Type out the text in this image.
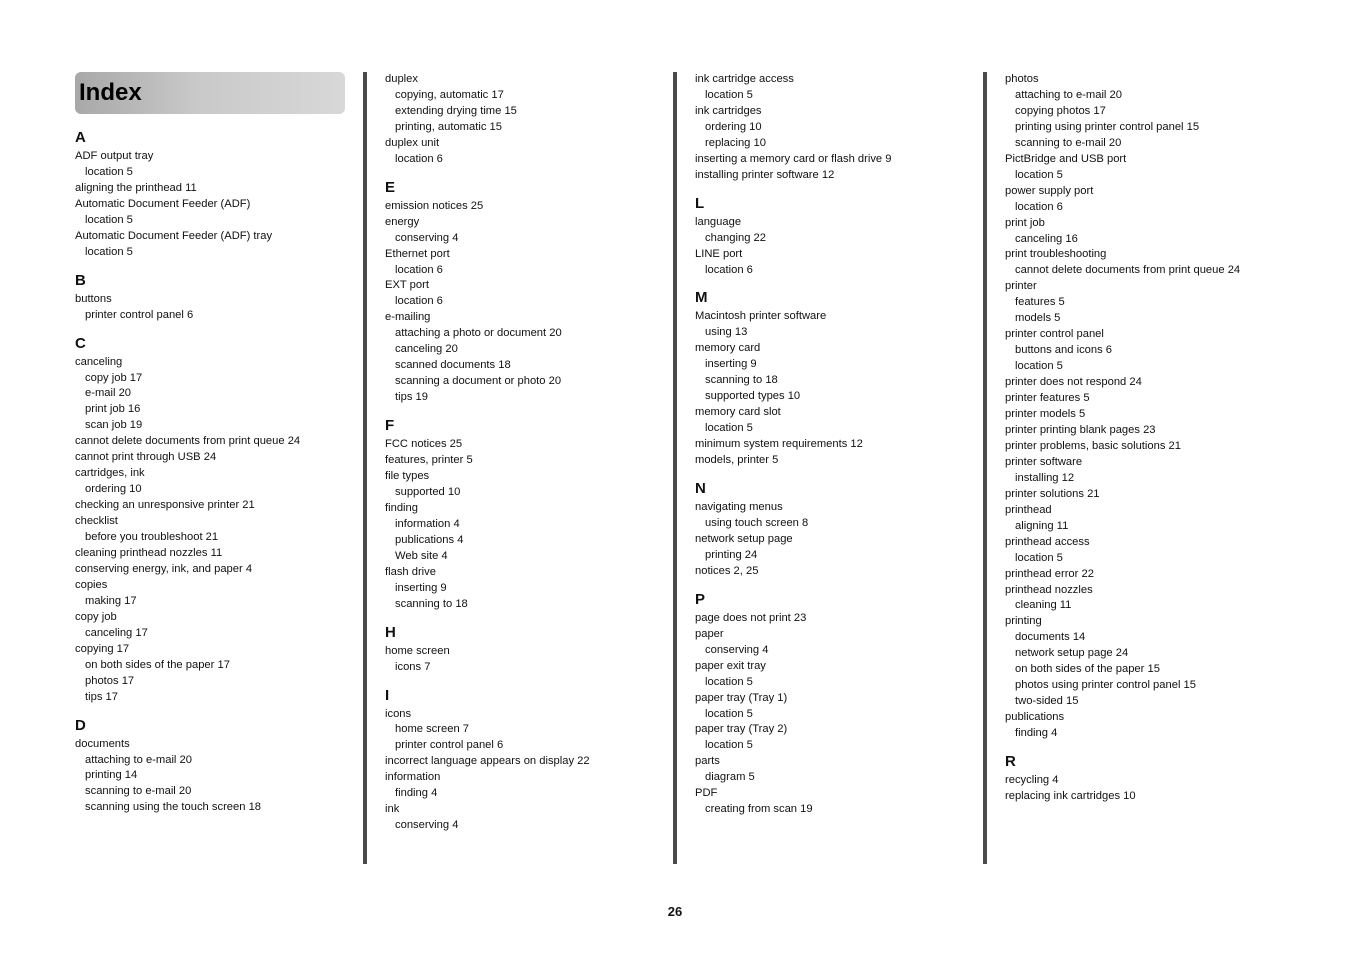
Index
A
ADF output tray
location 5
aligning the printhead 11
Automatic Document Feeder (ADF)
location 5
Automatic Document Feeder (ADF) tray
location 5
B
buttons
printer control panel 6
C
canceling
copy job 17
e-mail 20
print job 16
scan job 19
cannot delete documents from print queue 24
cannot print through USB 24
cartridges, ink
ordering 10
checking an unresponsive printer 21
checklist
before you troubleshoot 21
cleaning printhead nozzles 11
conserving energy, ink, and paper 4
copies
making 17
copy job
canceling 17
copying 17
on both sides of the paper 17
photos 17
tips 17
D
documents
attaching to e-mail 20
printing 14
scanning to e-mail 20
scanning using the touch screen 18
duplex
copying, automatic 17
extending drying time 15
printing, automatic 15
duplex unit
location 6
E
emission notices 25
energy
conserving 4
Ethernet port
location 6
EXT port
location 6
e-mailing
attaching a photo or document 20
canceling 20
scanned documents 18
scanning a document or photo 20
tips 19
F
FCC notices 25
features, printer 5
file types
supported 10
finding
information 4
publications 4
Web site 4
flash drive
inserting 9
scanning to 18
H
home screen
icons 7
I
icons
home screen 7
printer control panel 6
incorrect language appears on display 22
information
finding 4
ink
conserving 4
ink cartridge access
location 5
ink cartridges
ordering 10
replacing 10
inserting a memory card or flash drive 9
installing printer software 12
L
language
changing 22
LINE port
location 6
M
Macintosh printer software
using 13
memory card
inserting 9
scanning to 18
supported types 10
memory card slot
location 5
minimum system requirements 12
models, printer 5
N
navigating menus
using touch screen 8
network setup page
printing 24
notices 2, 25
P
page does not print 23
paper
conserving 4
paper exit tray
location 5
paper tray (Tray 1)
location 5
paper tray (Tray 2)
location 5
parts
diagram 5
PDF
creating from scan 19
photos
attaching to e-mail 20
copying photos 17
printing using printer control panel 15
scanning to e-mail 20
PictBridge and USB port
location 5
power supply port
location 6
print job
canceling 16
print troubleshooting
cannot delete documents from print queue 24
printer
features 5
models 5
printer control panel
buttons and icons 6
location 5
printer does not respond 24
printer features 5
printer models 5
printer printing blank pages 23
printer problems, basic solutions 21
printer software
installing 12
printer solutions 21
printhead
aligning 11
printhead access
location 5
printhead error 22
printhead nozzles
cleaning 11
printing
documents 14
network setup page 24
on both sides of the paper 15
photos using printer control panel 15
two-sided 15
publications
finding 4
R
recycling 4
replacing ink cartridges 10
26
